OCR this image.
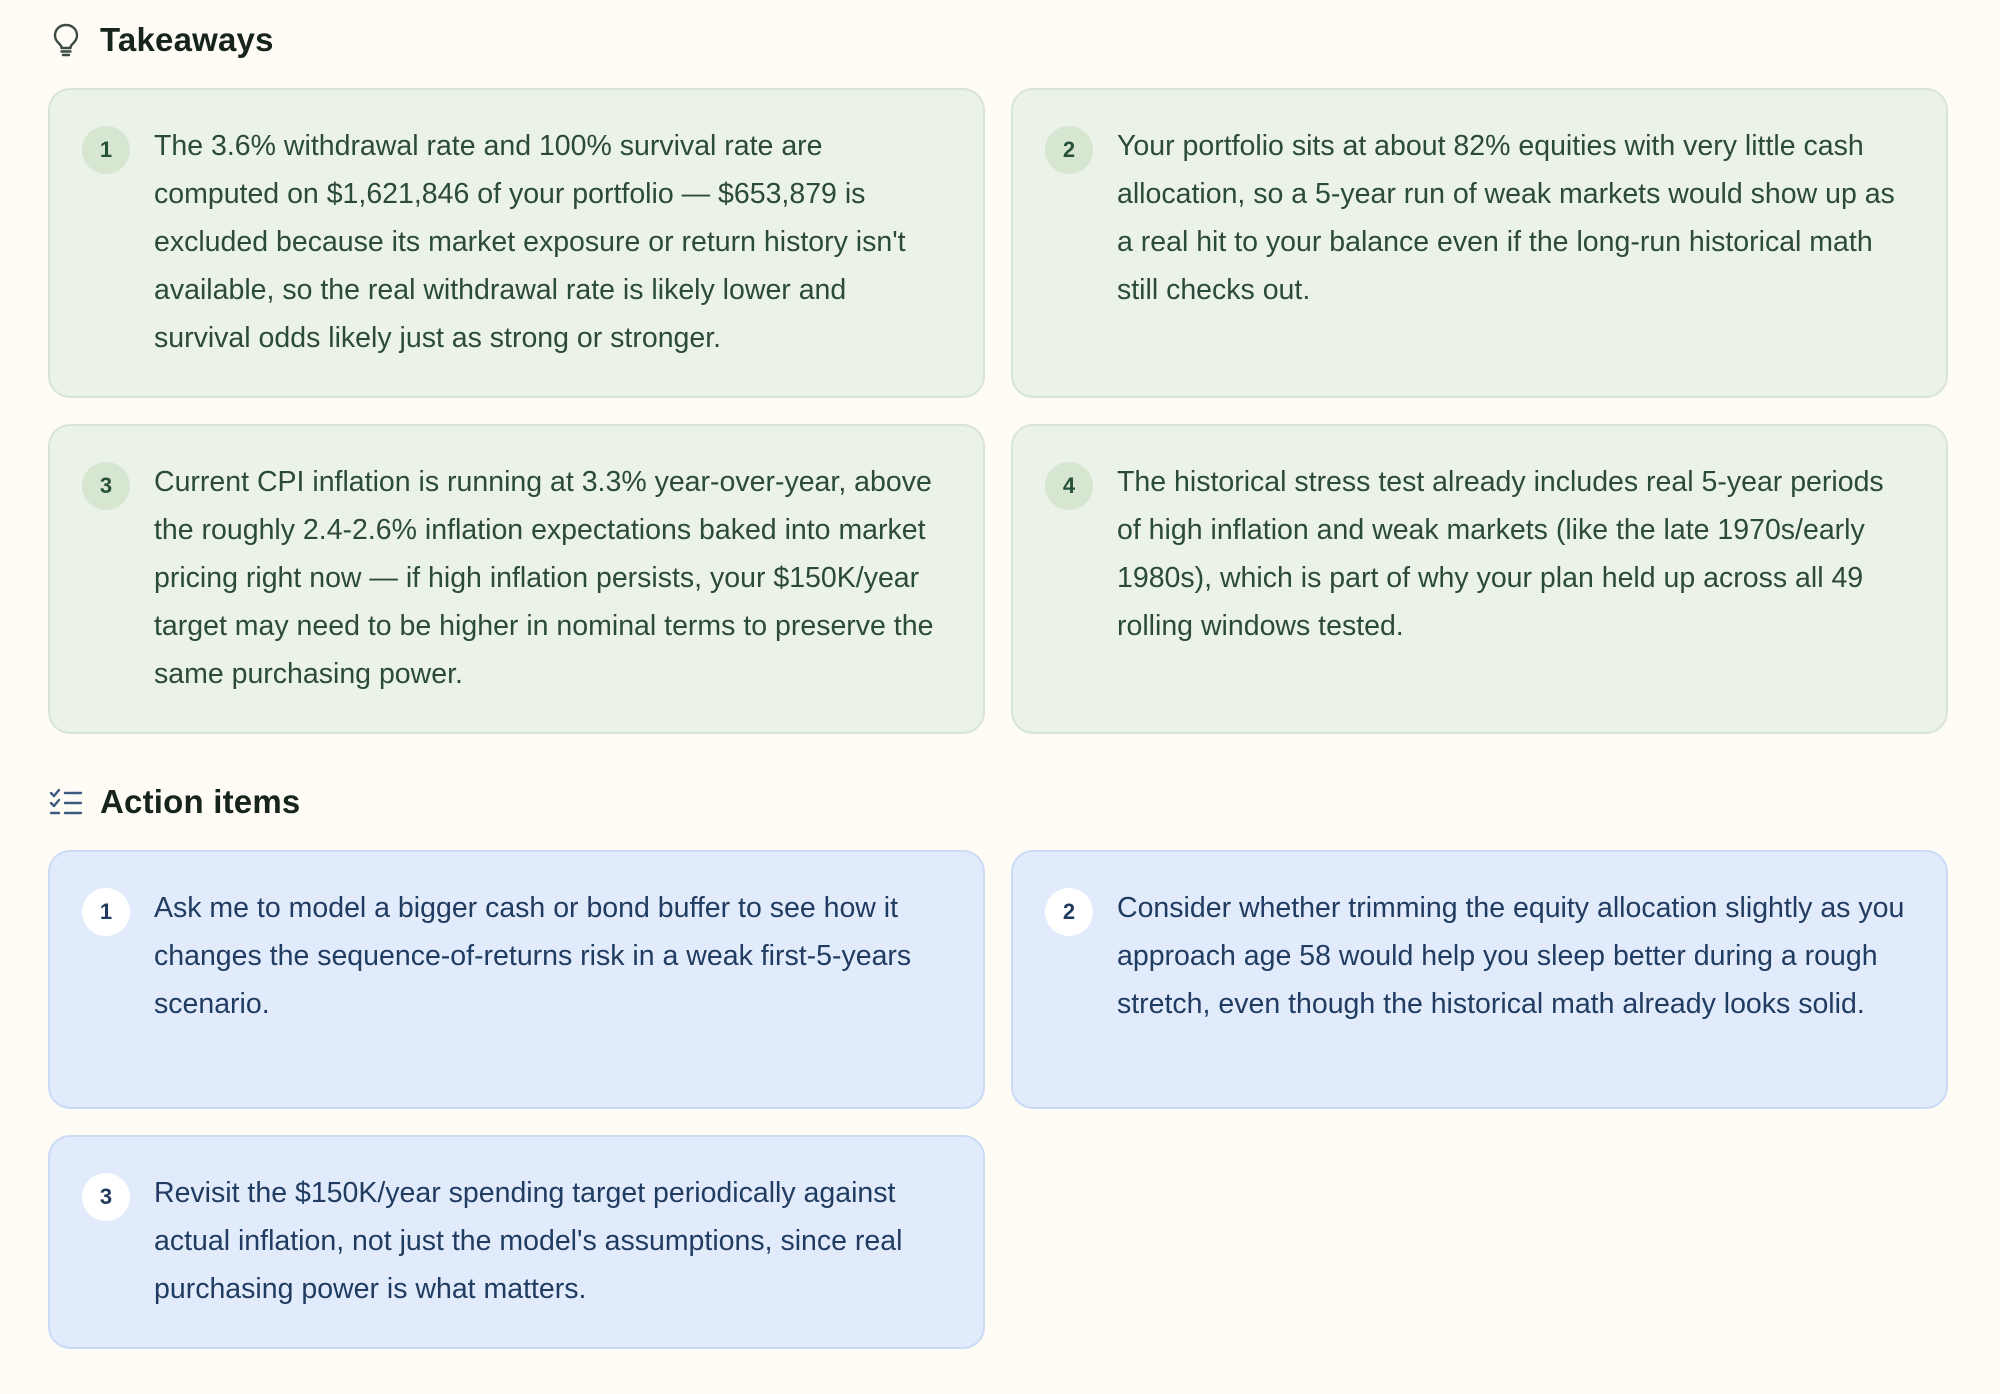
Takeaways
1	The 3.6% withdrawal rate and 100% survival rate are computed on $1,621,846 of your portfolio — $653,879 is excluded because its market exposure or return history isn't available, so the real withdrawal rate is likely lower and survival odds likely just as strong or stronger.

2	Your portfolio sits at about 82% equities with very little cash allocation, so a 5-year run of weak markets would show up as a real hit to your balance even if the long-run historical math still checks out.

3	Current CPI inflation is running at 3.3% year-over-year, above the roughly 2.4-2.6% inflation expectations baked into market pricing right now — if high inflation persists, your $150K/year target may need to be higher in nominal terms to preserve the same purchasing power.

4	The historical stress test already includes real 5-year periods of high inflation and weak markets (like the late 1970s/early 1980s), which is part of why your plan held up across all 49 rolling windows tested.

Action items
1	Ask me to model a bigger cash or bond buffer to see how it changes the sequence-of-returns risk in a weak first-5-years scenario.

2	Consider whether trimming the equity allocation slightly as you approach age 58 would help you sleep better during a rough stretch, even though the historical math already looks solid.

3	Revisit the $150K/year spending target periodically against actual inflation, not just the model's assumptions, since real purchasing power is what matters.
